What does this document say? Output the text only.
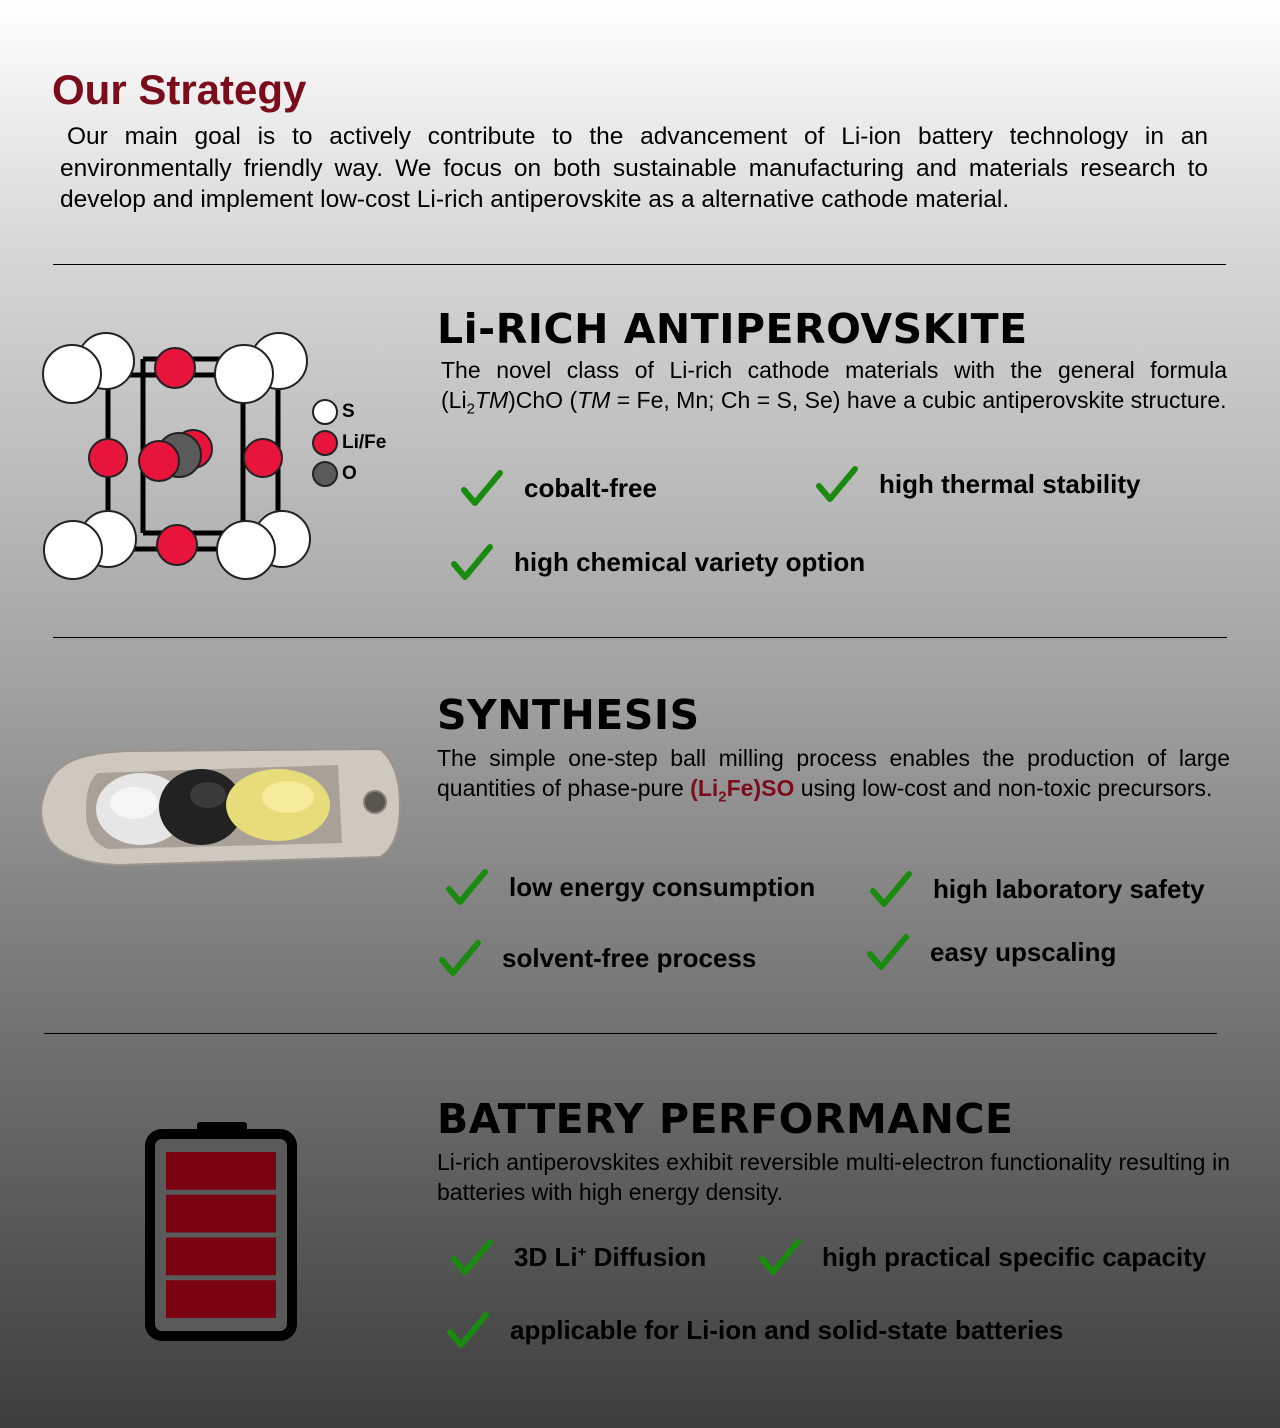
Our Strategy

Our main goal is to actively contribute to the advancement of Li-ion battery technology in an environmentally friendly way. We focus on both sustainable manufacturing and materials research to develop and implement low-cost Li-rich antiperovskite as a alternative cathode material.

S
Li/Fe
O
Li-RICH ANTIPEROVSKITE

The novel class of Li-rich cathode materials with the general formula $(Li_2TM)ChO$ (TM = Fe, Mn; Ch = S, Se) have a cubic antiperovskite structure.

cobalt-free	high thermal stability
high chemical variety option
SYNTHESIS

The simple one-step ball milling process enables the production of large quantities of phase-pure $(Li_2Fe)SO$ using low-cost and non-toxic precursors.

low energy consumption	high laboratory safety
solvent-free process	easy upscaling
BATTERY PERFORMANCE

Li-rich antiperovskites exhibit reversible multi-electron functionality resulting in batteries with high energy density.

3D Li+ Diffusion	high practical specific capacity
applicable for Li-ion and solid-state batteries
